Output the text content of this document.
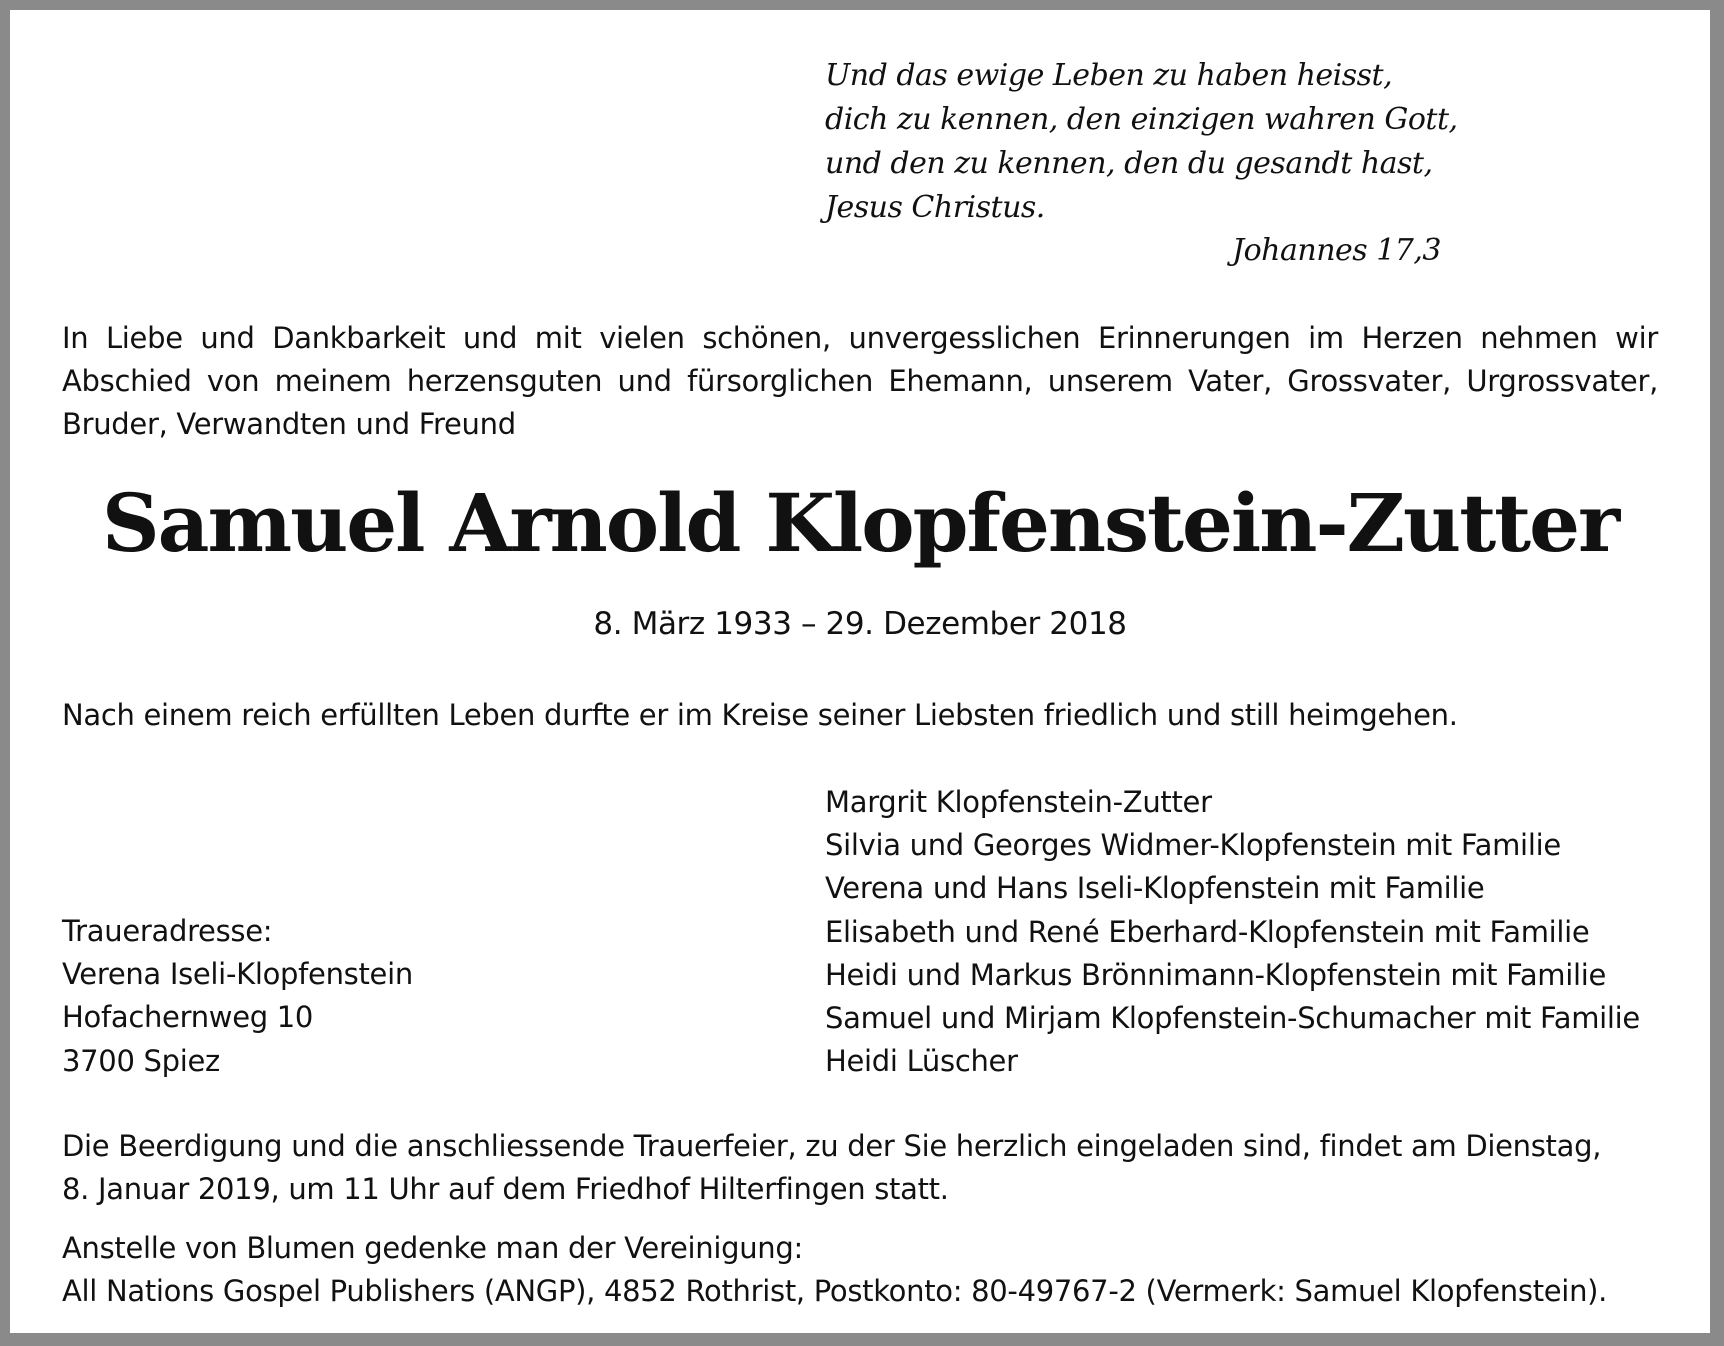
Und das ewige Leben zu haben heisst,
dich zu kennen, den einzigen wahren Gott,
und den zu kennen, den du gesandt hast,
Jesus Christus.
Johannes 17,3

In Liebe und Dankbarkeit und mit vielen schönen, unvergesslichen Erinnerungen im Herzen nehmen wir Abschied von meinem herzensguten und fürsorglichen Ehemann, unserem Vater, Grossvater, Urgrossvater, Bruder, Verwandten und Freund

Samuel Arnold Klopfenstein-Zutter
8. März 1933 – 29. Dezember 2018

Nach einem reich erfüllten Leben durfte er im Kreise seiner Liebsten friedlich und still heimgehen.

Margrit Klopfenstein-Zutter
Silvia und Georges Widmer-Klopfenstein mit Familie
Verena und Hans Iseli-Klopfenstein mit Familie
Elisabeth und René Eberhard-Klopfenstein mit Familie
Heidi und Markus Brönnimann-Klopfenstein mit Familie
Samuel und Mirjam Klopfenstein-Schumacher mit Familie
Heidi Lüscher
Traueradresse:
Verena Iseli-Klopfenstein
Hofachernweg 10
3700 Spiez

Die Beerdigung und die anschliessende Trauerfeier, zu der Sie herzlich eingeladen sind, findet am Dienstag,
8. Januar 2019, um 11 Uhr auf dem Friedhof Hilterfingen statt.

Anstelle von Blumen gedenke man der Vereinigung:
All Nations Gospel Publishers (ANGP), 4852 Rothrist, Postkonto: 80-49767-2 (Vermerk: Samuel Klopfenstein).
